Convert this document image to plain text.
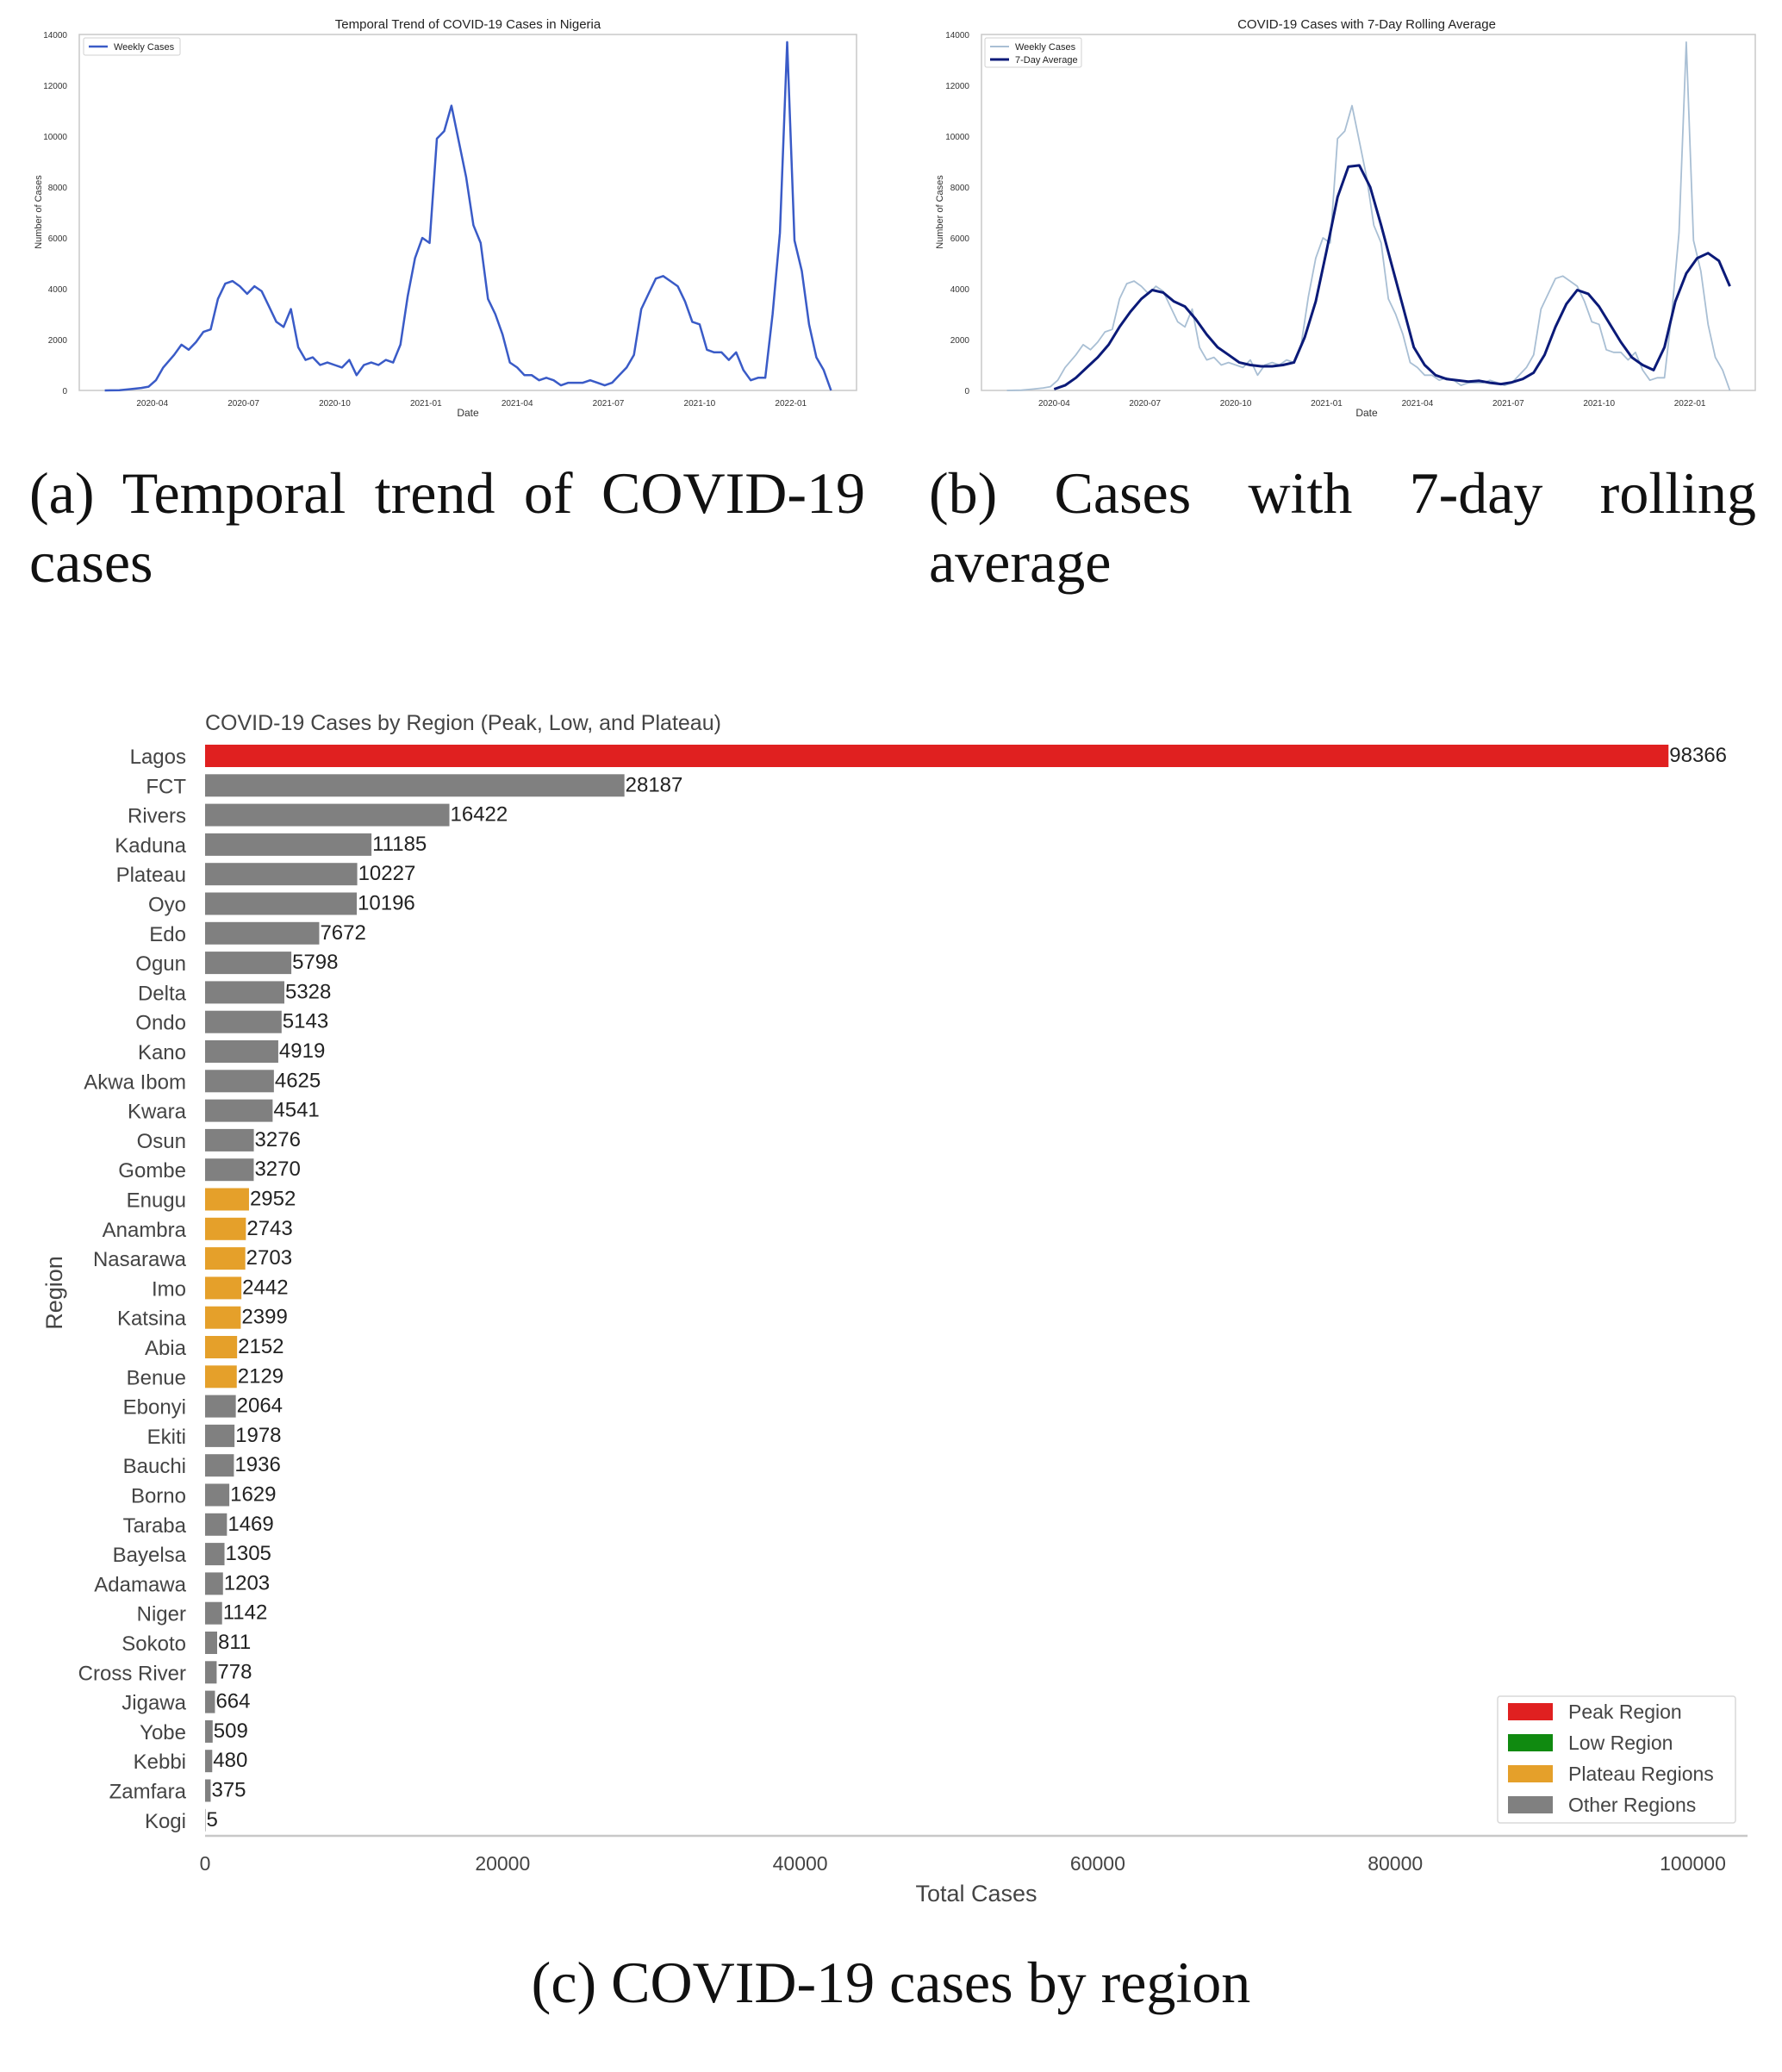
Temporal Trend of COVID-19 Cases in Nigeria
0
2000
4000
6000
8000
10000
12000
14000
2020-04	2020-07	2020-10	2021-01	2021-04	2021-07	2021-10	2022-01
Date
Number of Cases
Weekly Cases
COVID-19 Cases with 7-Day Rolling Average
0
2000
4000
6000
8000
10000
12000
14000
2020-04	2020-07	2020-10	2021-01	2021-04	2021-07	2021-10	2022-01
Date
Number of Cases
Weekly Cases
7-Day Average
COVID-19 Cases by Region (Peak, Low, and Plateau)
Lagos
FCT
Rivers
Kaduna
Plateau
Oyo
Edo
Ogun
Delta
Ondo
Kano
Akwa Ibom
Kwara
Osun
Gombe
Enugu
Anambra
Nasarawa
Imo
Katsina
Abia
Benue
Ebonyi
Ekiti
Bauchi
Borno
Taraba
Bayelsa
Adamawa
Niger
Sokoto
Cross River
Jigawa
Yobe
Kebbi
Zamfara
Kogi
98366
28187
16422
11185
10227
10196
7672
5798
5328
5143
4919
4625
4541
3276
3270
2952
2743
2703
2442
2399
2152
2129
2064
1978
1936
1629
1469
1305
1203
1142
811
778
664
509
480
375
5
0	20000	40000	60000	80000	100000
Total Cases
Region
Peak Region
Low Region
Plateau Regions
Other Regions
(a) Temporal trend of COVID-19 cases
(b) Cases with 7-day rolling average
(c) COVID-19 cases by region
